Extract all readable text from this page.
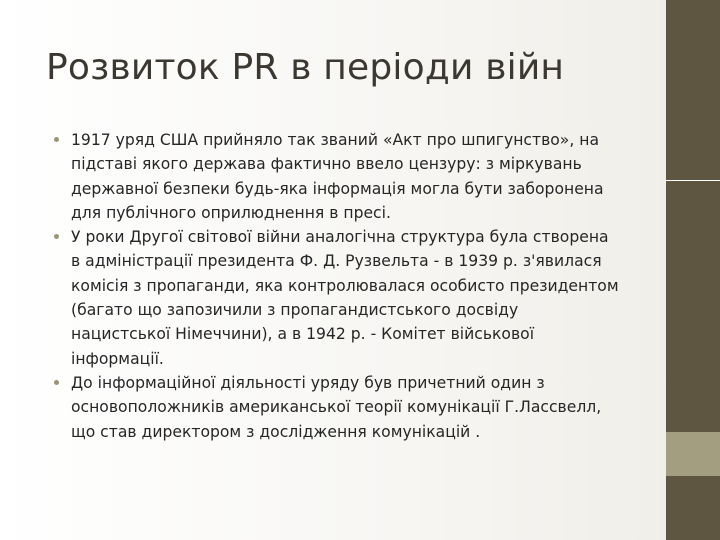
Розвиток PR в періоди війн
1917 уряд США прийняло так званий «Акт про шпигунство», на підставі якого держава фактично ввело цензуру: з міркувань державної безпеки будь-яка інформація могла бути заборонена для публічного оприлюднення в пресі.
У роки Другої світової війни аналогічна структура була створена в адміністрації президента Ф. Д. Рузвельта - в 1939 р. з'явилася комісія з пропаганди, яка контролювалася особисто президентом (багато що запозичили з пропагандистського досвіду нацистської Німеччини), а в 1942 р. - Комітет військової інформації.
До інформаційної діяльності уряду був причетний один з основоположників американської теорії комунікації Г.Лассвелл, що став директором з дослідження комунікацій .
